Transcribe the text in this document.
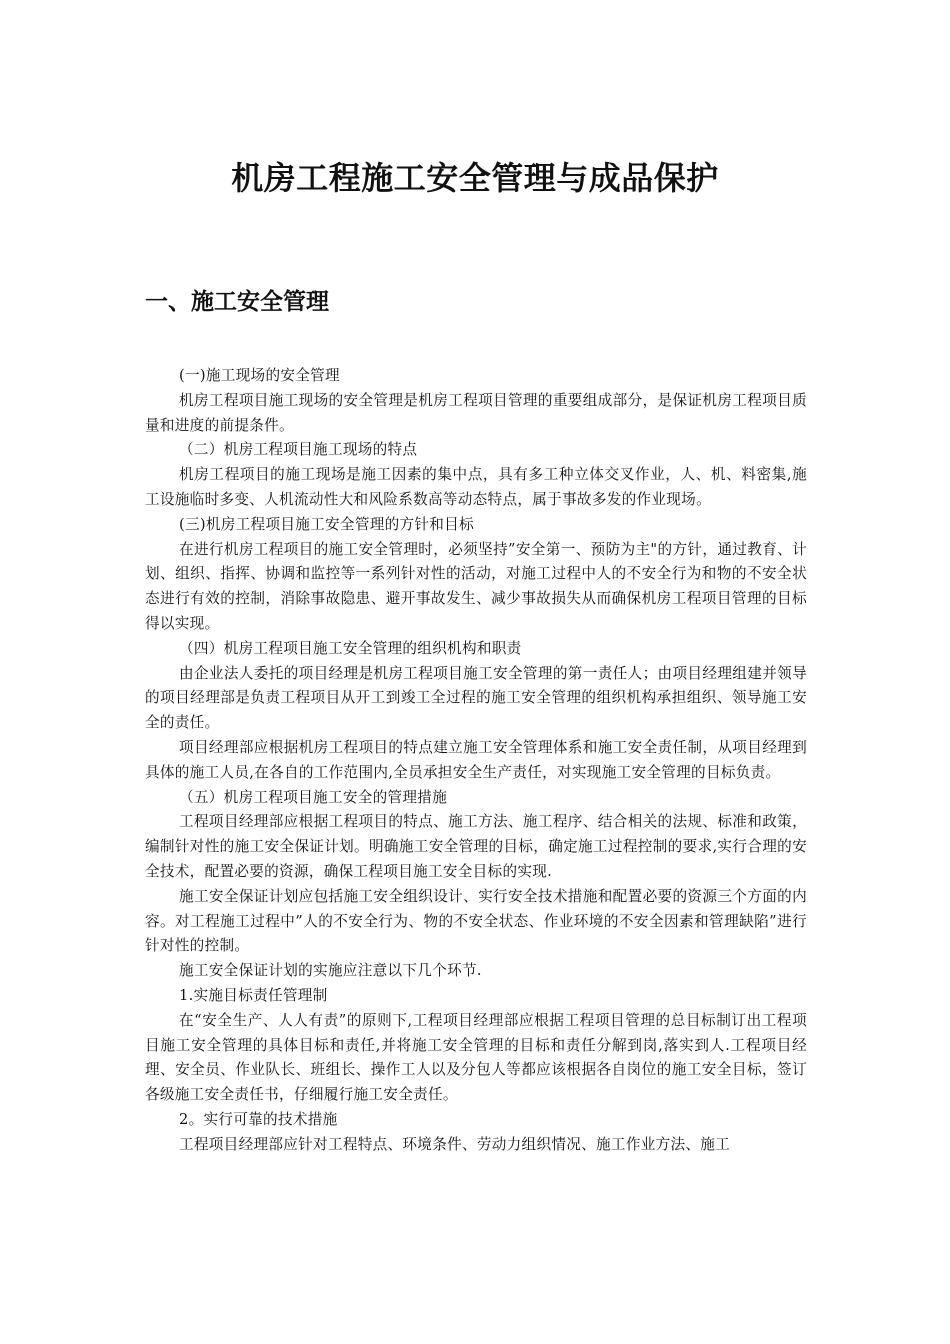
机房工程施工安全管理与成品保护
一、施工安全管理

(一)施工现场的安全管理

机房工程项目施工现场的安全管理是机房工程项目管理的重要组成部分，是保证机房工程项目质量和进度的前提条件。

（二）机房工程项目施工现场的特点

机房工程项目的施工现场是施工因素的集中点，具有多工种立体交叉作业，人、机、料密集,施工设施临时多变、人机流动性大和风险系数高等动态特点，属于事故多发的作业现场。

(三)机房工程项目施工安全管理的方针和目标

在进行机房工程项目的施工安全管理时，必须坚持”安全第一、预防为主"的方针，通过教育、计划、组织、指挥、协调和监控等一系列针对性的活动，对施工过程中人的不安全行为和物的不安全状态进行有效的控制，消除事故隐患、避开事故发生、减少事故损失从而确保机房工程项目管理的目标得以实现。

（四）机房工程项目施工安全管理的组织机构和职责

由企业法人委托的项目经理是机房工程项目施工安全管理的第一责任人；由项目经理组建并领导的项目经理部是负责工程项目从开工到竣工全过程的施工安全管理的组织机构承担组织、领导施工安全的责任。

项目经理部应根据机房工程项目的特点建立施工安全管理体系和施工安全责任制，从项目经理到具体的施工人员,在各自的工作范围内,全员承担安全生产责任，对实现施工安全管理的目标负责。

（五）机房工程项目施工安全的管理措施

工程项目经理部应根据工程项目的特点、施工方法、施工程序、结合相关的法规、标准和政策，编制针对性的施工安全保证计划。明确施工安全管理的目标，确定施工过程控制的要求,实行合理的安全技术，配置必要的资源，确保工程项目施工安全目标的实现.

施工安全保证计划应包括施工安全组织设计、实行安全技术措施和配置必要的资源三个方面的内容。对工程施工过程中”人的不安全行为、物的不安全状态、作业环境的不安全因素和管理缺陷”进行针对性的控制。

施工安全保证计划的实施应注意以下几个环节.

1.实施目标责任管理制

在“安全生产、人人有责”的原则下,工程项目经理部应根据工程项目管理的总目标制订出工程项目施工安全管理的具体目标和责任,并将施工安全管理的目标和责任分解到岗,落实到人.工程项目经理、安全员、作业队长、班组长、操作工人以及分包人等都应该根据各自岗位的施工安全目标，签订各级施工安全责任书，仔细履行施工安全责任。

2。实行可靠的技术措施

工程项目经理部应针对工程特点、环境条件、劳动力组织情况、施工作业方法、施工
